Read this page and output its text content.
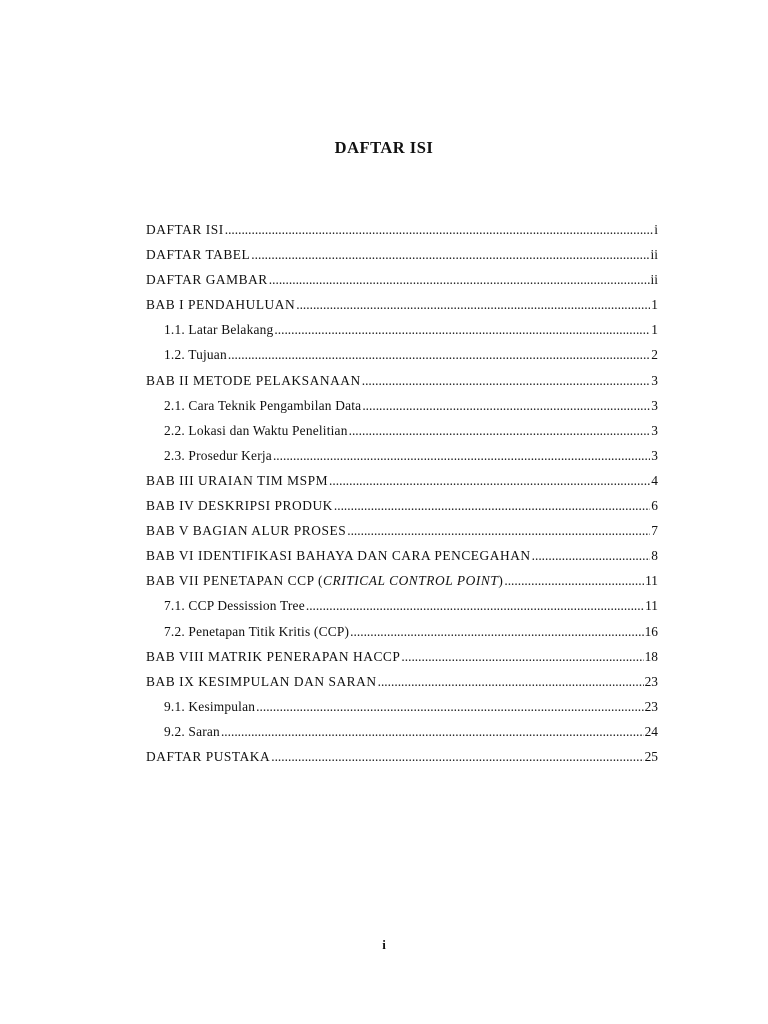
DAFTAR ISI
DAFTAR ISI .....	i
DAFTAR TABEL .....	ii
DAFTAR GAMBAR .....	ii
BAB I PENDAHULUAN .....	1
1.1. Latar Belakang .....	1
1.2. Tujuan .....	2
BAB II METODE PELAKSANAAN .....	3
2.1. Cara Teknik Pengambilan Data .....	3
2.2. Lokasi dan Waktu Penelitian .....	3
2.3. Prosedur Kerja .....	3
BAB III URAIAN TIM MSPM .....	4
BAB IV DESKRIPSI PRODUK .....	6
BAB V BAGIAN ALUR PROSES .....	7
BAB VI IDENTIFIKASI BAHAYA DAN CARA PENCEGAHAN .....	8
BAB VII PENETAPAN CCP (CRITICAL CONTROL POINT) .....	11
7.1. CCP Dessission Tree .....	11
7.2. Penetapan Titik Kritis (CCP) .....	16
BAB VIII MATRIK PENERAPAN HACCP .....	18
BAB IX KESIMPULAN DAN SARAN .....	23
9.1. Kesimpulan .....	23
9.2. Saran .....	24
DAFTAR PUSTAKA .....	25
i
